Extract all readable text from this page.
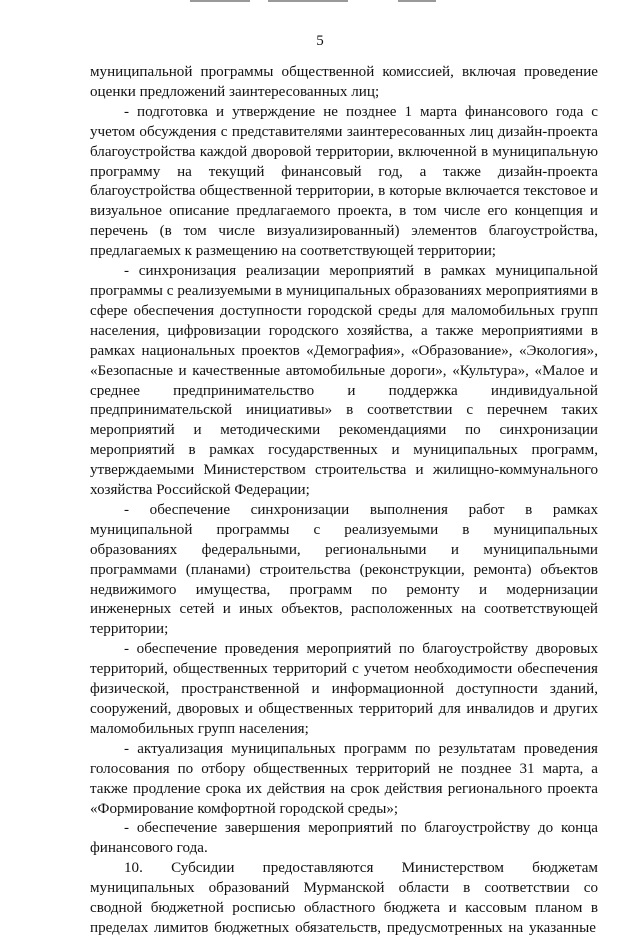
5

муниципальной программы общественной комиссией, включая проведение оценки предложений заинтересованных лиц;

- подготовка и утверждение не позднее 1 марта финансового года с учетом обсуждения с представителями заинтересованных лиц дизайн-проекта благоустройства каждой дворовой территории, включенной в муниципальную программу на текущий финансовый год, а также дизайн-проекта благоустройства общественной территории, в которые включается текстовое и визуальное описание предлагаемого проекта, в том числе его концепция и перечень (в том числе визуализированный) элементов благоустройства, предлагаемых к размещению на соответствующей территории;

- синхронизация реализации мероприятий в рамках муниципальной программы с реализуемыми в муниципальных образованиях мероприятиями в сфере обеспечения доступности городской среды для маломобильных групп населения, цифровизации городского хозяйства, а также мероприятиями в рамках национальных проектов «Демография», «Образование», «Экология», «Безопасные и качественные автомобильные дороги», «Культура», «Малое и среднее предпринимательство и поддержка индивидуальной предпринимательской инициативы» в соответствии с перечнем таких мероприятий и методическими рекомендациями по синхронизации мероприятий в рамках государственных и муниципальных программ, утверждаемыми Министерством строительства и жилищно-коммунального хозяйства Российской Федерации;

- обеспечение синхронизации выполнения работ в рамках муниципальной программы с реализуемыми в муниципальных образованиях федеральными, региональными и муниципальными программами (планами) строительства (реконструкции, ремонта) объектов недвижимого имущества, программ по ремонту и модернизации инженерных сетей и иных объектов, расположенных на соответствующей территории;

- обеспечение проведения мероприятий по благоустройству дворовых территорий, общественных территорий с учетом необходимости обеспечения физической, пространственной и информационной доступности зданий, сооружений, дворовых и общественных территорий для инвалидов и других маломобильных групп населения;

- актуализация муниципальных программ по результатам проведения голосования по отбору общественных территорий не позднее 31 марта, а также продление срока их действия на срок действия регионального проекта «Формирование комфортной городской среды»;

- обеспечение завершения мероприятий по благоустройству до конца финансового года.

10. Субсидии предоставляются Министерством бюджетам муниципальных образований Мурманской области в соответствии со сводной бюджетной росписью областного бюджета и кассовым планом в пределах лимитов бюджетных обязательств, предусмотренных на указанные
